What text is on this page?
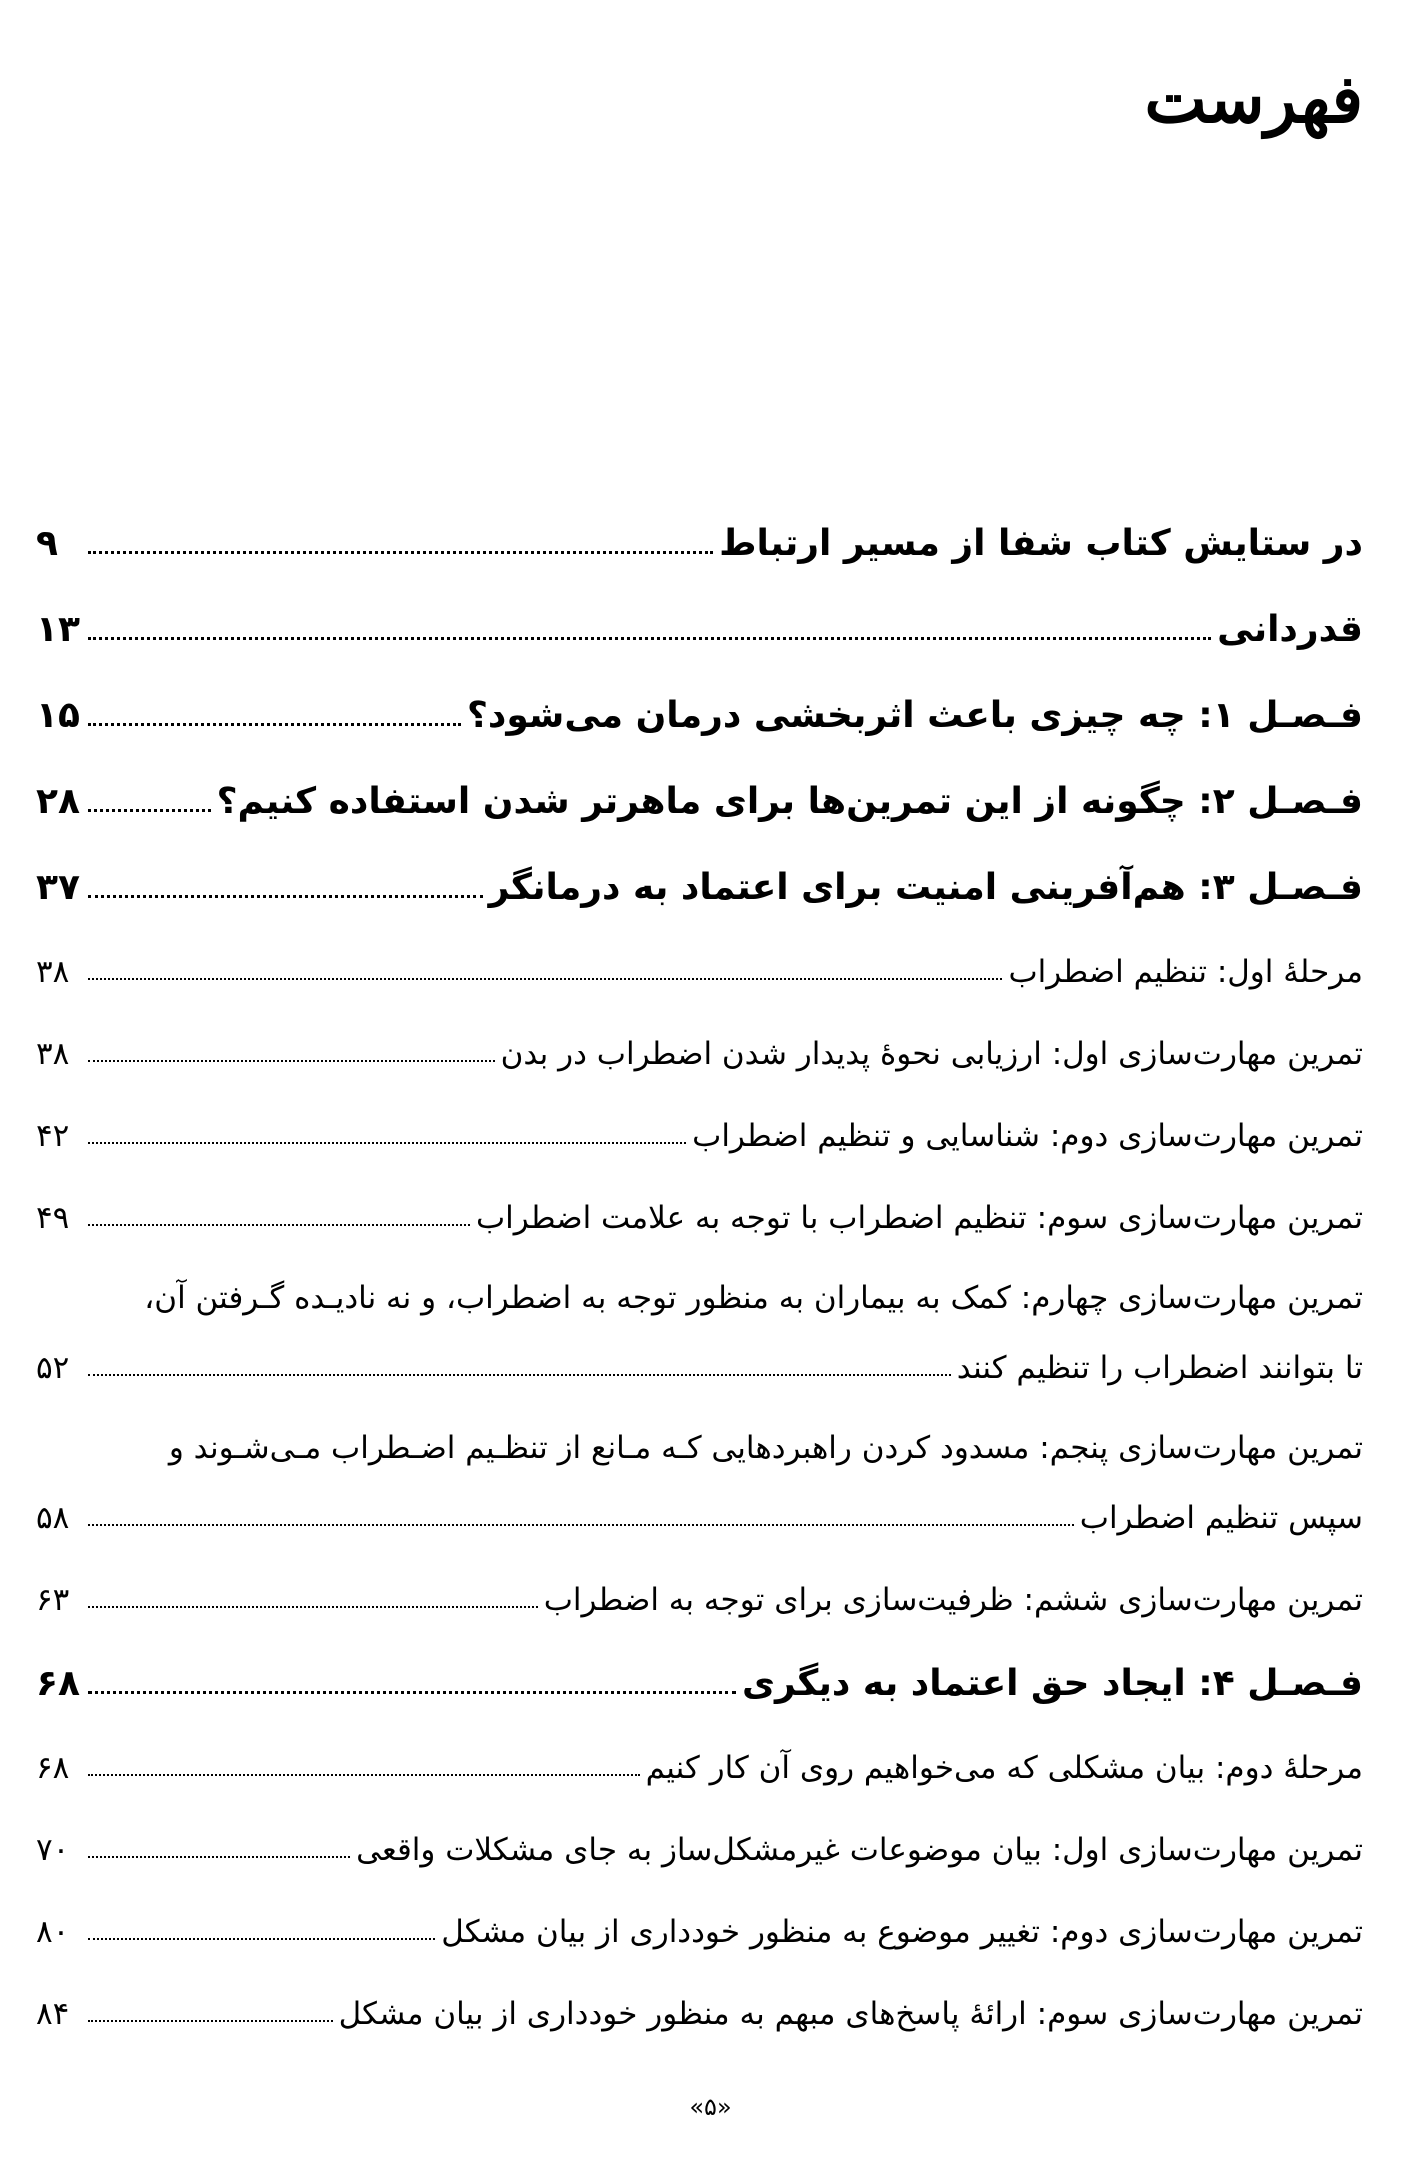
فهرست
در ستایش کتاب شفا از مسیر ارتباط
۹
قدردانی
۱۳
فـصـل ۱: چه چیزی باعث اثربخشی درمان می‌شود؟
۱۵
فـصـل ۲: چگونه از این تمرین‌ها برای ماهرتر شدن استفاده کنیم؟
۲۸
فـصـل ۳: هم‌آفرینی امنیت برای اعتماد به درمانگر
۳۷
مرحلهٔ اول: تنظیم اضطراب
۳۸
تمرین مهارت‌سازی اول: ارزیابی نحوهٔ پدیدار شدن اضطراب در بدن
۳۸
تمرین مهارت‌سازی دوم: شناسایی و تنظیم اضطراب
۴۲
تمرین مهارت‌سازی سوم: تنظیم اضطراب با توجه به علامت اضطراب
۴۹
تمرین مهارت‌سازی چهارم: کمک به بیماران به منظور توجه به اضطراب، و نه نادیـده گـرفتن آن،
تا بتوانند اضطراب را تنظیم کنند
۵۲
تمرین مهارت‌سازی پنجم: مسدود کردن راهبردهایی کـه مـانع از تنظـیم اضـطراب مـی‌شـوند و
سپس تنظیم اضطراب
۵۸
تمرین مهارت‌سازی ششم: ظرفیت‌سازی برای توجه به اضطراب
۶۳
فـصـل ۴: ایجاد حق اعتماد به دیگری
۶۸
مرحلهٔ دوم: بیان مشکلی که می‌خواهیم روی آن کار کنیم
۶۸
تمرین مهارت‌سازی اول: بیان موضوعات غیرمشکل‌ساز به جای مشکلات واقعی
۷۰
تمرین مهارت‌سازی دوم: تغییر موضوع به منظور خودداری از بیان مشکل
۸۰
تمرین مهارت‌سازی سوم: ارائهٔ پاسخ‌های مبهم به منظور خودداری از بیان مشکل
۸۴
«۵»
